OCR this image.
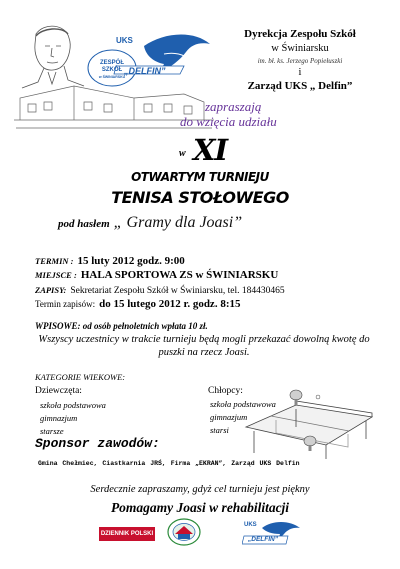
ZESPÓŁ
SZKÓŁ
w ŚWINIARSKU
UKS
„DELFIN”
Dyrekcja Zespołu Szkół
w Świniarsku
im. bł. ks. Jerzego Popiełuszki
i
Zarząd UKS „ Delfin”
zapraszają
do wzięcia udziału
w XI
OTWARTYM TURNIEJU
TENISA STOŁOWEGO
pod hasłem „ Gramy dla Joasi”
TERMIN : 15 luty 2012 godz. 9:00
MIEJSCE : HALA SPORTOWA ZS w ŚWINIARSKU
ZAPISY: Sekretariat Zespołu Szkół w Świniarsku, tel. 184430465
Termin zapisów: do 15 lutego 2012 r. godz. 8:15
WPISOWE: od osób pełnoletnich wpłata 10 zł.
Wszyscy uczestnicy w trakcie turnieju będą mogli przekazać dowolną kwotę do puszki na rzecz Joasi.
KATEGORIE WIEKOWE:
Dziewczęta:
szkoła podstawowa
gimnazjum
starsze
Chłopcy:
szkoła podstawowa
gimnazjum
starsi
Sponsor zawodów:
Gmina Chełmiec, Ciastkarnia JRŚ, Firma „EKRAN”, Zarząd UKS Delfin
Serdecznie zapraszamy, gdyż cel turnieju jest piękny
Pomagamy Joasi w rehabilitacji
DZIENNIK POLSKI
UKS
„DELFIN”
